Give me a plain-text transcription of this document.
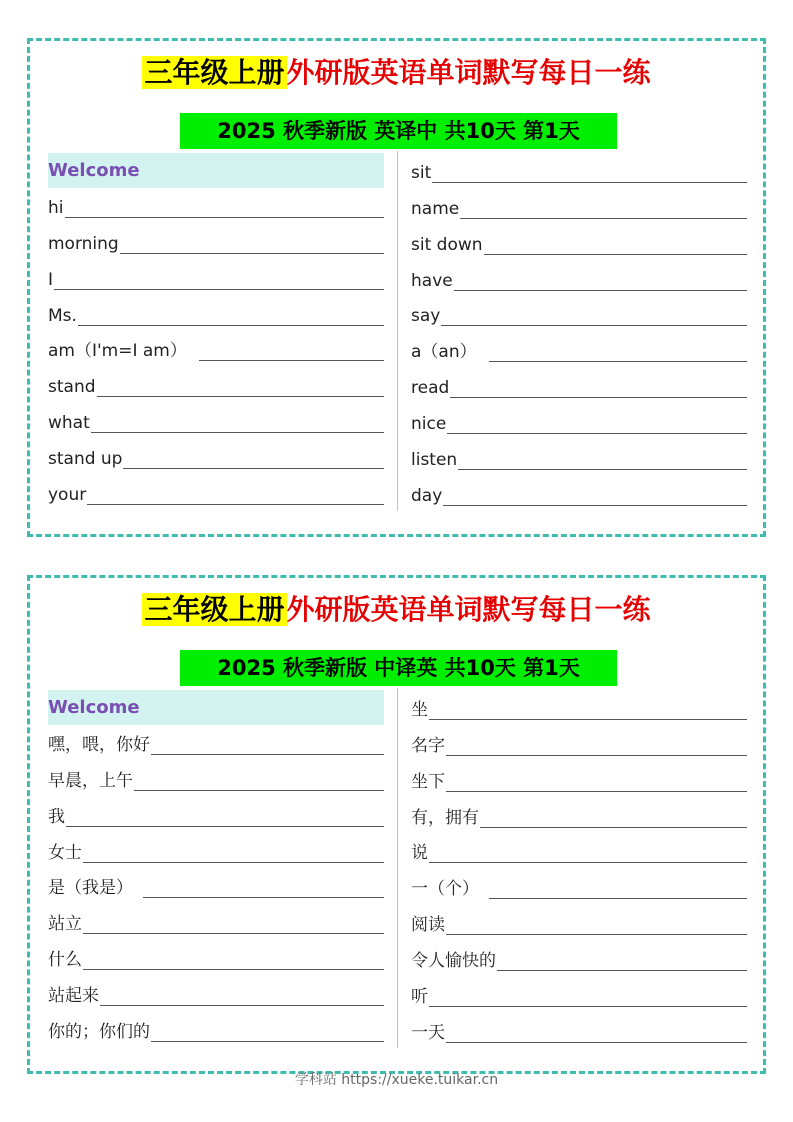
三年级上册外研版英语单词默写每日一练
2025 秋季新版 英译中 共10天 第1天
Welcome
hi
morning
I
Ms.
am（I'm=I am）
stand
what
stand up
your
sit
name
sit down
have
say
a（an）
read
nice
listen
day
三年级上册外研版英语单词默写每日一练
2025 秋季新版 中译英 共10天 第1天
Welcome
嘿，喂，你好
早晨，上午
我
女士
是（我是）
站立
什么
站起来
你的；你们的
坐
名字
坐下
有，拥有
说
一（个）
阅读
令人愉快的
听
一天
学科站 https://xueke.tuikar.cn
